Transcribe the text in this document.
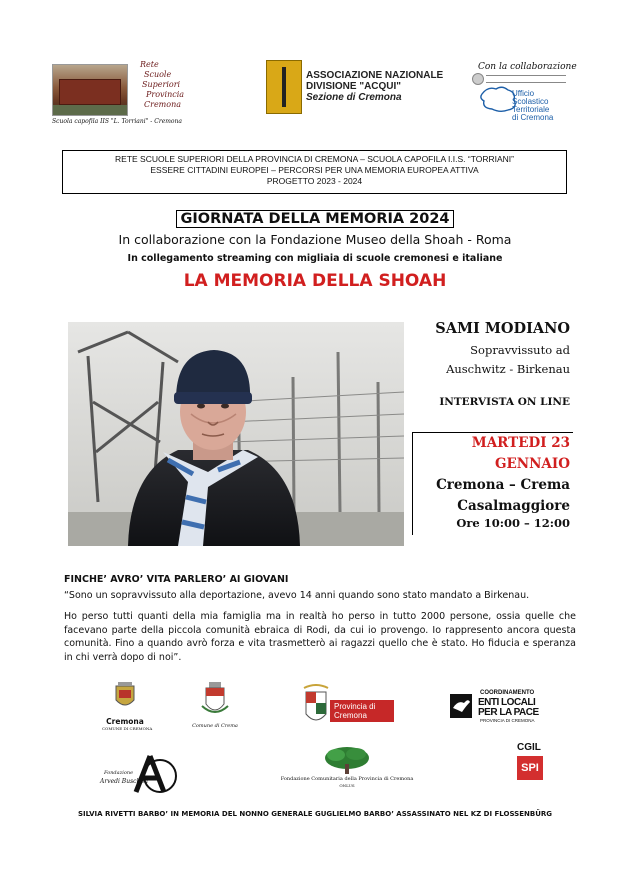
Rete
Scuole
Superiori
Provincia
Cremona
Scuola capofila IIS "L. Torriani" - Cremona
ASSOCIAZIONE NAZIONALE
DIVISIONE "ACQUI"
Sezione di Cremona
Con la collaborazione
Ufficio
Scolastico
Territoriale
di Cremona
RETE SCUOLE SUPERIORI DELLA PROVINCIA DI CREMONA – SCUOLA CAPOFILA I.I.S. “TORRIANI”
ESSERE CITTADINI EUROPEI – PERCORSI PER UNA MEMORIA EUROPEA ATTIVA
PROGETTO 2023 - 2024
GIORNATA DELLA MEMORIA 2024
In collaborazione con la Fondazione Museo della Shoah - Roma
In collegamento streaming con migliaia di scuole cremonesi e italiane
LA MEMORIA DELLA SHOAH
SAMI MODIANO
Sopravvissuto ad
Auschwitz - Birkenau
INTERVISTA ON LINE
MARTEDI 23
GENNAIO
Cremona – Crema
Casalmaggiore
Ore 10:00 – 12:00
FINCHE’ AVRO’ VITA PARLERO’ AI GIOVANI
“Sono un sopravvissuto alla deportazione, avevo 14 anni quando sono stato mandato a Birkenau.
Ho perso tutti quanti della mia famiglia ma in realtà ho perso in tutto 2000 persone, ossia quelle che facevano parte della piccola comunità ebraica di Rodi, da cui io provengo. Io rappresento ancora questa comunità. Fino a quando avrò forza e vita trasmetterò ai ragazzi quello che è stato. Ho fiducia e speranza in chi verrà dopo di noi”.
Cremona
COMUNE DI CREMONA	Comune di Crema
Provincia di Cremona
COORDINAMENTO
ENTI LOCALI
PER LA PACE
PROVINCIA DI CREMONA
Fondazione
Arvedi Buschini	Fondazione Comunitaria della Provincia di Cremona
ONLUS
CGIL
SPI
SILVIA RIVETTI BARBO’ IN MEMORIA DEL NONNO GENERALE GUGLIELMO BARBO’ ASSASSINATO NEL KZ DI FLOSSENBÜRG
